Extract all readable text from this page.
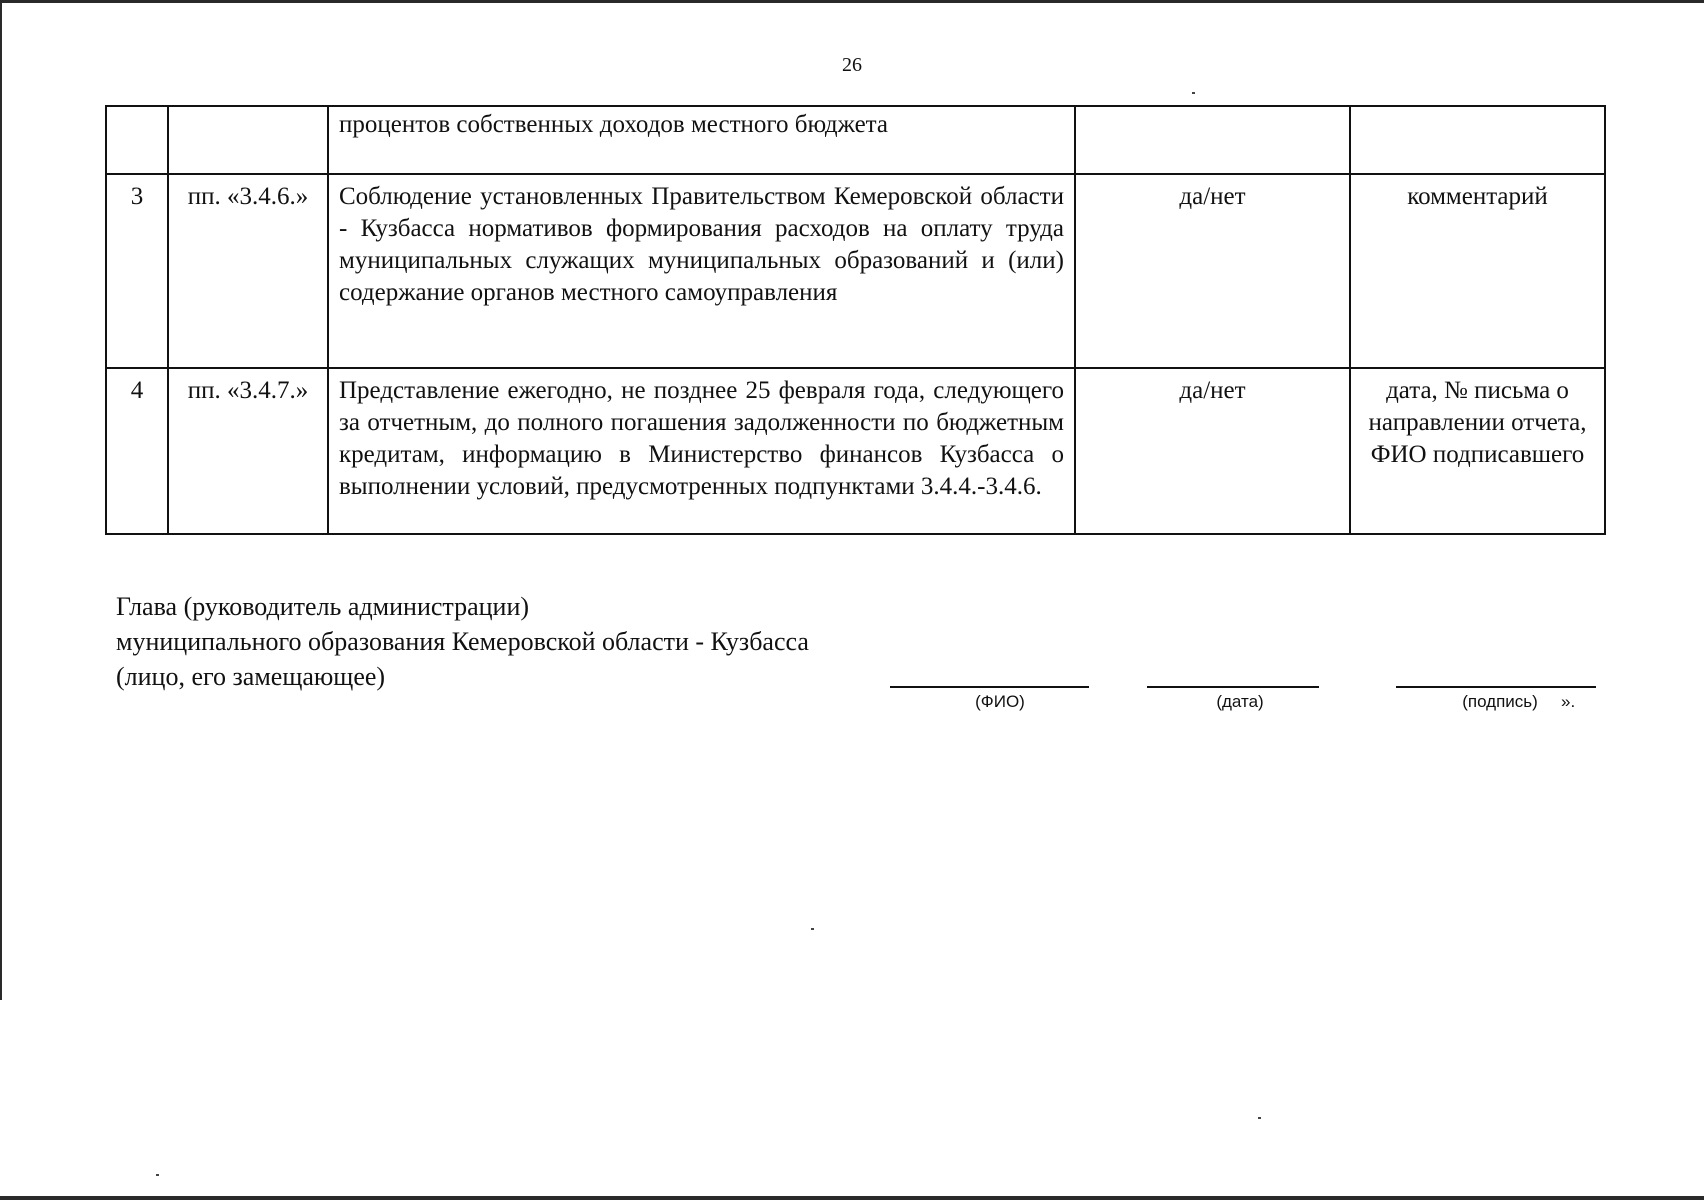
26
		процентов собственных доходов местного бюджета		
3	пп. «3.4.6.»	Соблюдение установленных Правительством Кемеровской области - Кузбасса нормативов формирования расходов на оплату труда муниципальных служащих муниципальных образований и (или) содержание органов местного самоуправления	да/нет	комментарий
4	пп. «3.4.7.»	Представление ежегодно, не позднее 25 февраля года, следующего за отчетным, до полного погашения задолженности по бюджетным кредитам, информацию в Министерство финансов Кузбасса о выполнении условий, предусмотренных подпунктами 3.4.4.-3.4.6.	да/нет	дата, № письма о направлении отчета, ФИО подписавшего
Глава (руководитель администрации)
муниципального образования Кемеровской области - Кузбасса
(лицо, его замещающее)
(ФИО)	(дата)	(подпись)	».
